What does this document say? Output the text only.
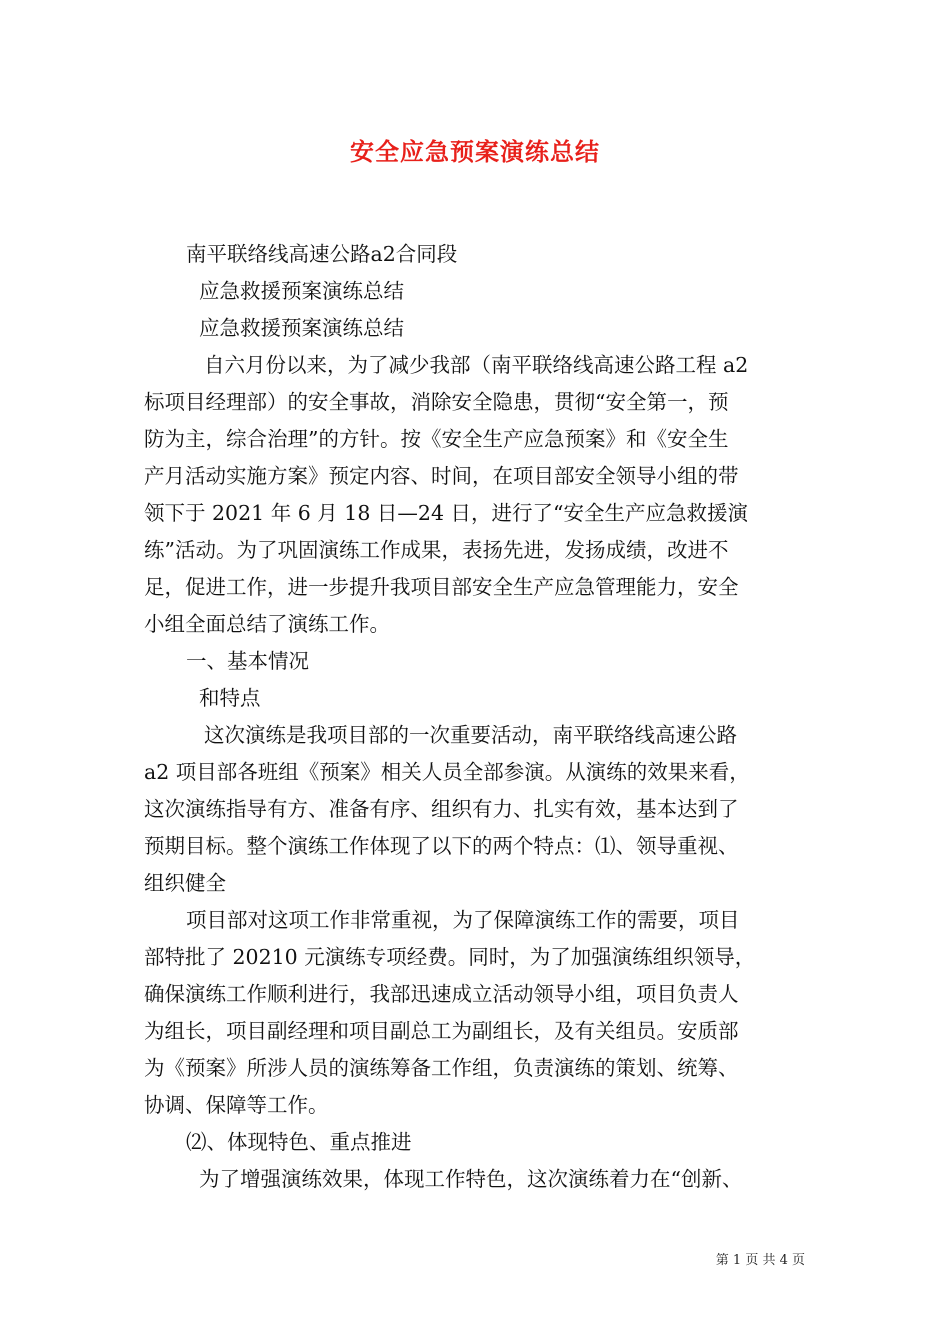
安全应急预案演练总结
南平联络线高速公路a2合同段
应急救援预案演练总结
应急救援预案演练总结
自六月份以来，为了减少我部（南平联络线高速公路工程 a2
标项目经理部）的安全事故，消除安全隐患，贯彻“安全第一，预
防为主，综合治理”的方针。按《安全生产应急预案》和《安全生
产月活动实施方案》预定内容、时间，在项目部安全领导小组的带
领下于 2021 年 6 月 18 日—24 日，进行了“安全生产应急救援演
练”活动。为了巩固演练工作成果，表扬先进，发扬成绩，改进不
足，促进工作，进一步提升我项目部安全生产应急管理能力，安全
小组全面总结了演练工作。
一、基本情况
和特点
这次演练是我项目部的一次重要活动，南平联络线高速公路
a2 项目部各班组《预案》相关人员全部参演。从演练的效果来看，
这次演练指导有方、准备有序、组织有力、扎实有效，基本达到了
预期目标。整个演练工作体现了以下的两个特点：⑴、领导重视、
组织健全
项目部对这项工作非常重视，为了保障演练工作的需要，项目
部特批了 20210 元演练专项经费。同时，为了加强演练组织领导，
确保演练工作顺利进行，我部迅速成立活动领导小组，项目负责人
为组长，项目副经理和项目副总工为副组长，及有关组员。安质部
为《预案》所涉人员的演练筹备工作组，负责演练的策划、统筹、
协调、保障等工作。
⑵、体现特色、重点推进
为了增强演练效果，体现工作特色，这次演练着力在“创新、
第 1 页 共 4 页
